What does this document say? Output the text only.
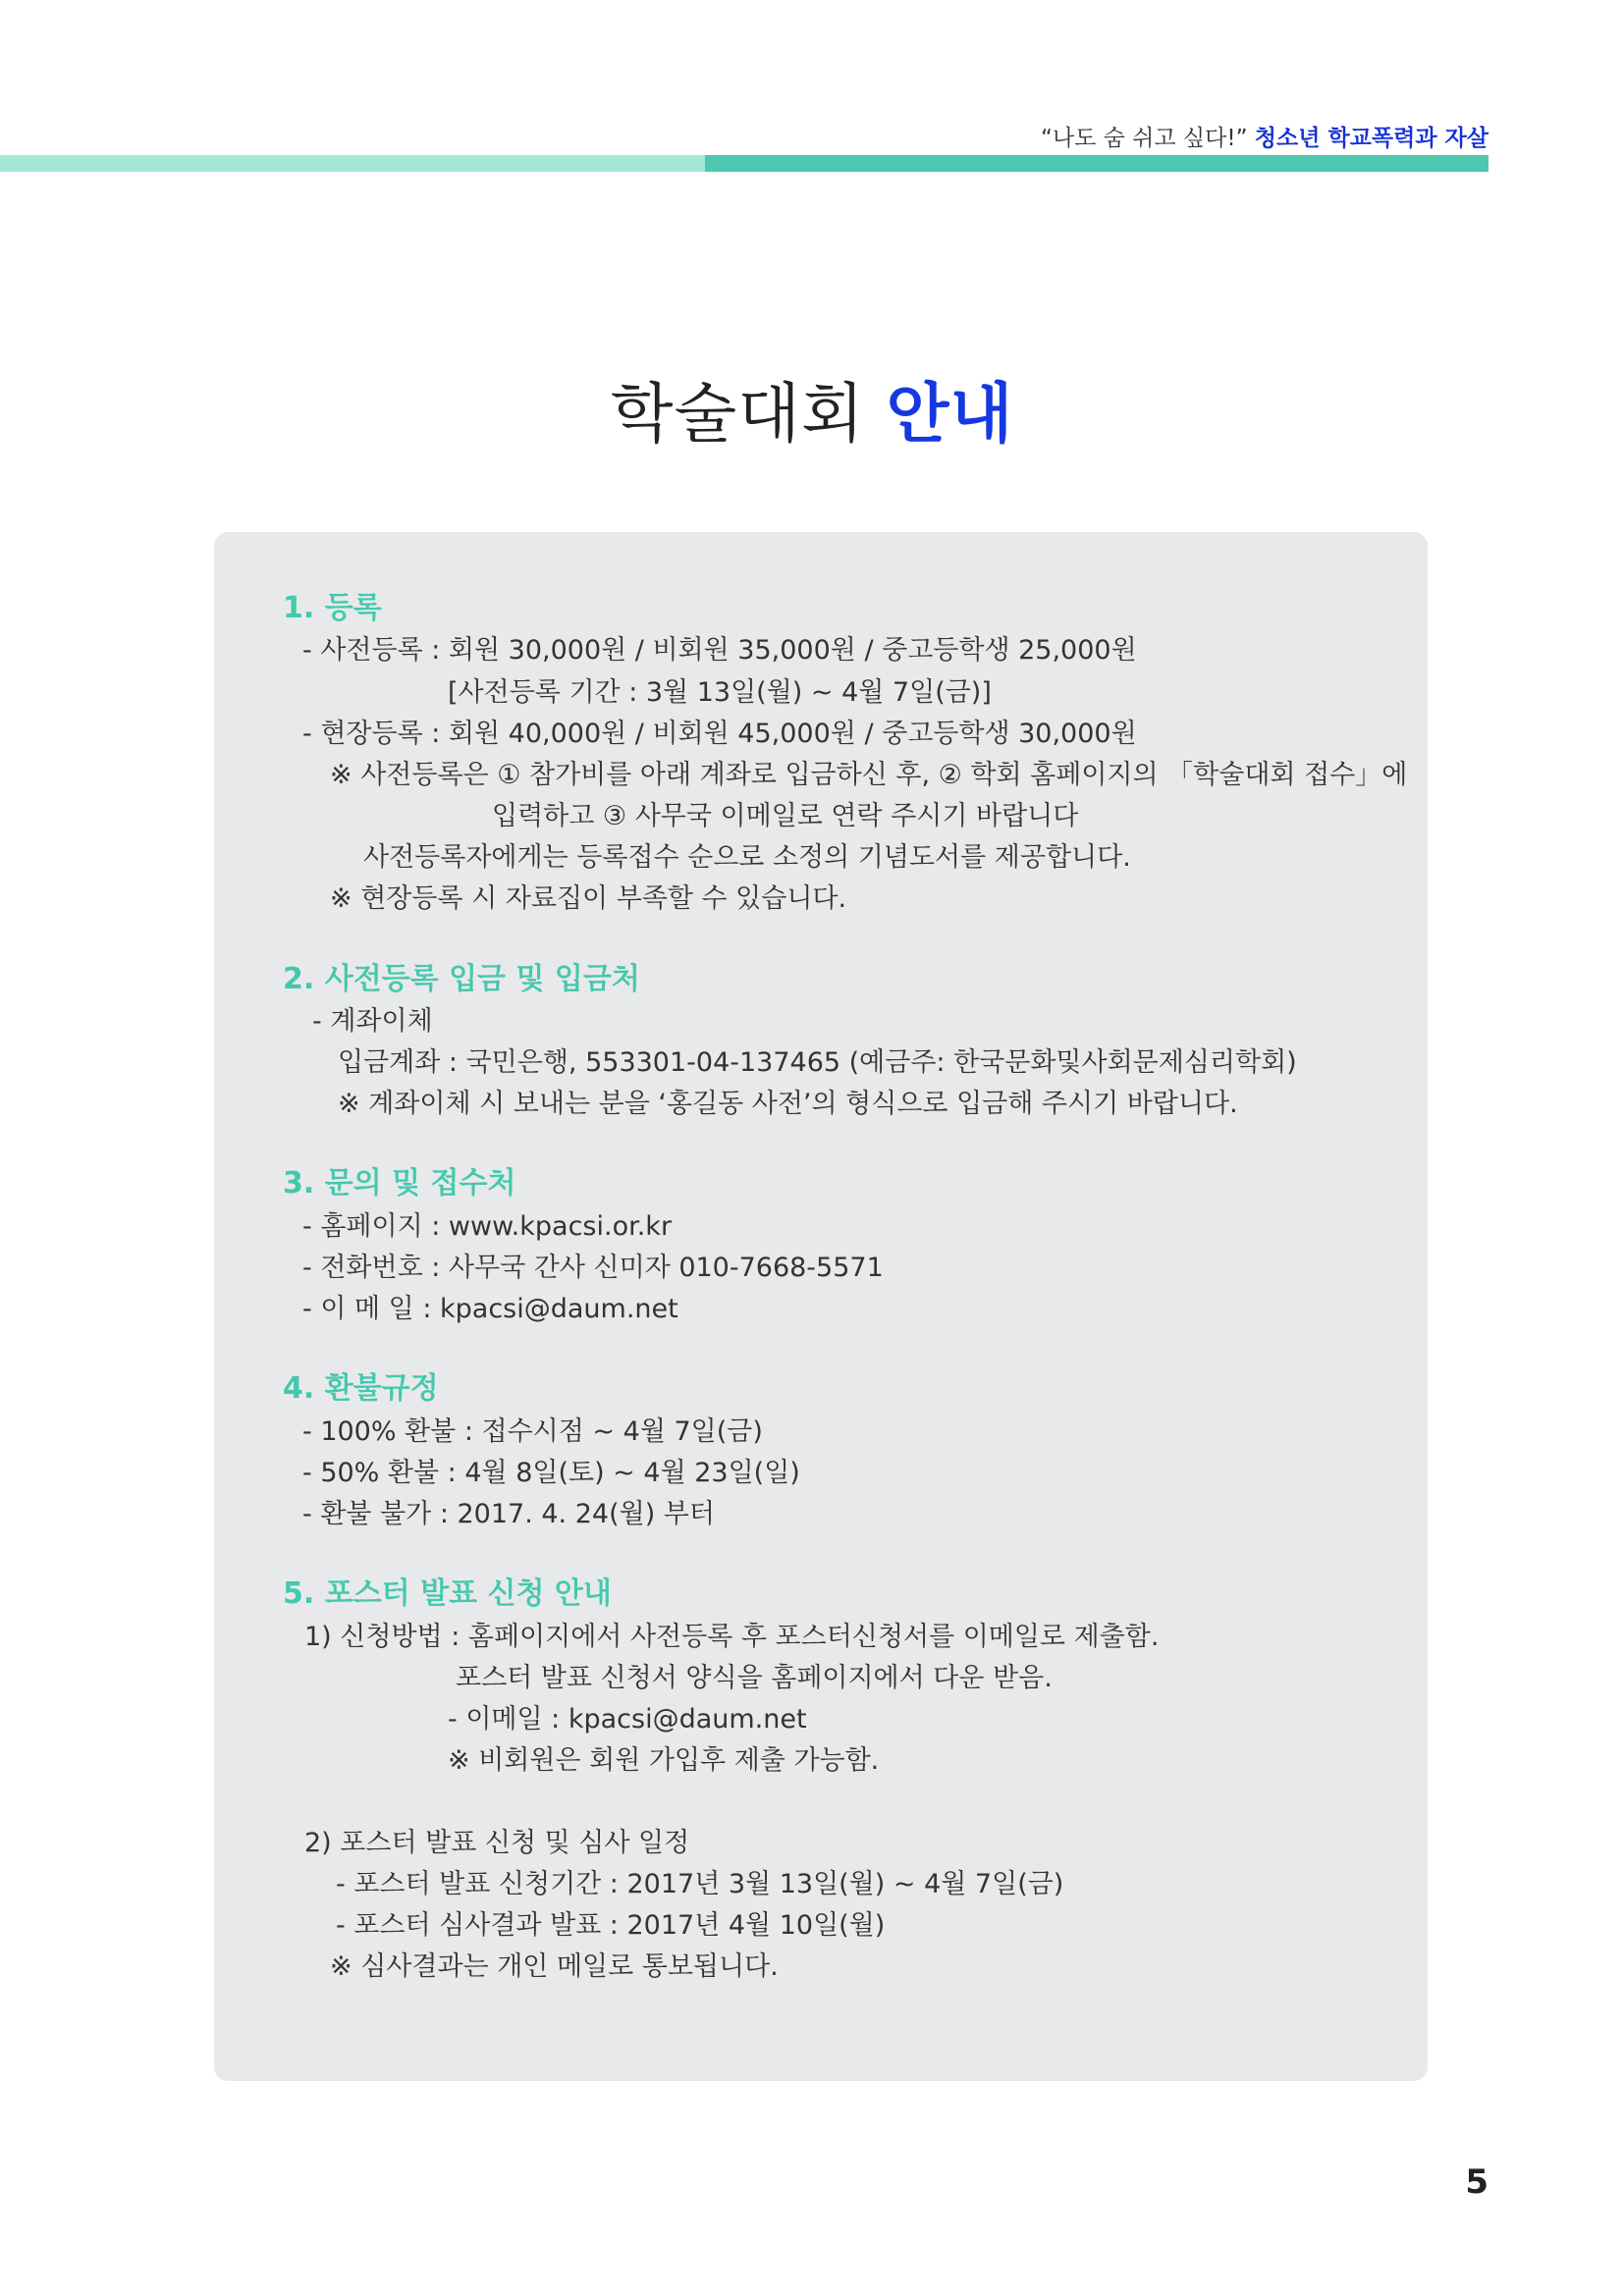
“나도 숨 쉬고 싶다!” 청소년 학교폭력과 자살
학술대회 안내
1. 등록
- 사전등록 : 회원 30,000원 / 비회원 35,000원 / 중고등학생 25,000원
[사전등록 기간 : 3월 13일(월) ~ 4월 7일(금)]
- 현장등록 : 회원 40,000원 / 비회원 45,000원 / 중고등학생 30,000원
※ 사전등록은 ① 참가비를 아래 계좌로 입금하신 후, ② 학회 홈페이지의 「학술대회 접수」에
입력하고 ③ 사무국 이메일로 연락 주시기 바랍니다
사전등록자에게는 등록접수 순으로 소정의 기념도서를 제공합니다.
※ 현장등록 시 자료집이 부족할 수 있습니다.
2. 사전등록 입금 및 입금처
- 계좌이체
입금계좌 : 국민은행, 553301-04-137465 (예금주: 한국문화및사회문제심리학회)
※ 계좌이체 시 보내는 분을 ‘홍길동 사전’의 형식으로 입금해 주시기 바랍니다.
3. 문의 및 접수처
- 홈페이지 : www.kpacsi.or.kr
- 전화번호 : 사무국 간사 신미자 010-7668-5571
- 이 메 일 : kpacsi@daum.net
4. 환불규정
- 100% 환불 : 접수시점 ~ 4월 7일(금)
- 50% 환불 : 4월 8일(토) ~ 4월 23일(일)
- 환불 불가 : 2017. 4. 24(월) 부터
5. 포스터 발표 신청 안내
1) 신청방법 : 홈페이지에서 사전등록 후 포스터신청서를 이메일로 제출함.
포스터 발표 신청서 양식을 홈페이지에서 다운 받음.
- 이메일 : kpacsi@daum.net
※ 비회원은 회원 가입후 제출 가능함.
2) 포스터 발표 신청 및 심사 일정
- 포스터 발표 신청기간 : 2017년 3월 13일(월) ~ 4월 7일(금)
- 포스터 심사결과 발표 : 2017년 4월 10일(월)
※ 심사결과는 개인 메일로 통보됩니다.
5
